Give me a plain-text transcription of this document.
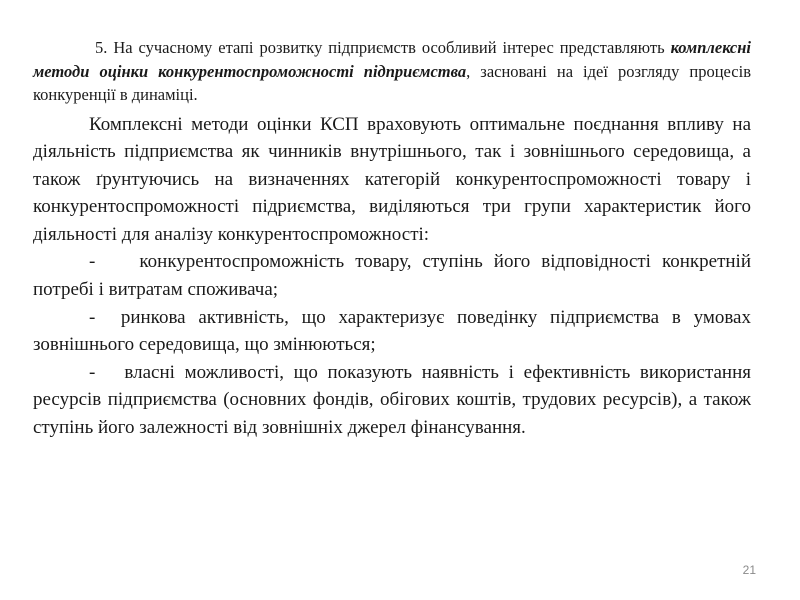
5. На сучасному етапі розвитку підприємств особливий інтерес представляють комплексні методи оцінки конкурентоспроможності підприємства, засновані на ідеї розгляду процесів конкуренції в динаміці.

Комплексні методи оцінки КСП враховують оптимальне поєднання впливу на діяльність підприємства як чинників внутрішнього, так і зовнішнього середовища, а також ґрунтуючись на визначеннях категорій конкурентоспроможності товару і конкурентоспроможності підриємства, виділяються три групи характеристик його діяльності для аналізу конкурентоспроможності:

-    конкурентоспроможність товару, ступінь його відповідності конкретній потребі і витратам споживача;

-  ринкова активність, що характеризує поведінку підприємства в умовах зовнішнього середовища, що змінюються;

-   власні можливості, що показують наявність і ефективність використання ресурсів підприємства (основних фондів, обігових коштів, трудових ресурсів), а також ступінь його залежності від зовнішніх джерел фінансування.

21
